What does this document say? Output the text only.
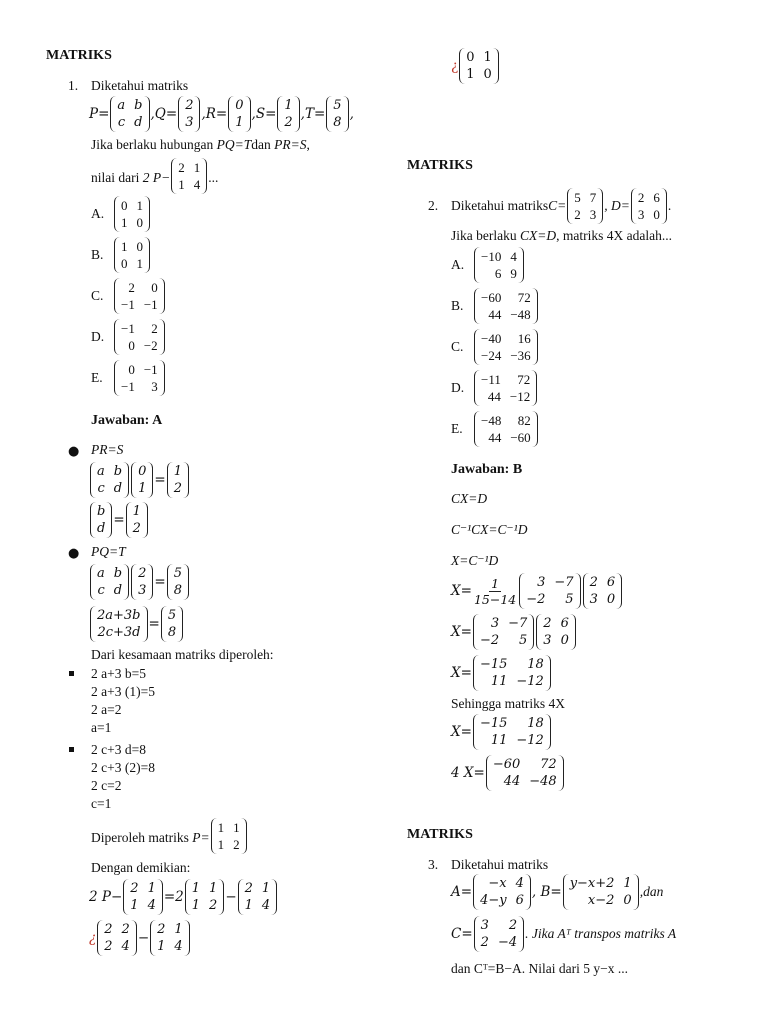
MATRIKS
1. Diketahui matriks
P=
a b
c d
, Q=
2
3
, R=
0
1
, S=
1
2
, T=
5
8
,
Jika berlaku hubungan
PQ=T dan
PR=S ,
nilai dari
2 P−
2 1
1 4 ...
A.
0 1
1 0
B.
1 0
0 1
C.
2	0
−1 −1
D.
−1	2
0 −2
E.
0 −1
−1	3
Jawaban: A
● PR=S
a b
c d
0
1
=
1
2
b
d
=
1
2
● PQ=T
a b
c d
2
3
=
5
8
2a+3b
2c+3d
=
5
8
Dari kesamaan matriks diperoleh:
2 a+3 b=5
2 a+3 (1)=5
2 a=2
a=1
2 c+3 d=8
2 c+3 (2)=8
2 c=2
c=1
Diperoleh matriks
P=
1 1
1 2
Dengan demikian:
2 P−
2 1
1 4
=2
1 1
1 2
−
2 1
1 4
¿
2 2
2 4
−
2 1
1 4
¿
0 1
1 0
MATRIKS
2. Diketahui matriks C=
5 7
2 3
, D=
2 6
3 0
.
Jika berlaku
CX=D , matriks 4X adalah...
A.
−10 4
6 9
B.
−60	72
44 −48
C.
−40	16
−24 −36
D.
−11	72
44 −12
E.
−48	82
44 −60
Jawaban: B
CX=D
C⁻¹CX=C⁻¹D
X=C⁻¹D
$X= \frac{1}{15-14}$	3 −7
−2	5
2 6
3 0
X=
3 −7
−2	5
2 6
3 0
X=
−15	18
11 −12
Sehingga matriks 4X
X=
−15	18
11 −12
4 X=
−60	72
44 −48
MATRIKS
3. Diketahui matriks
A=
−x 4
4−y 6
, B=
y−x+2 1
x−2 0
,dan
C=
3	2
2 −4
. Jika Aᵀ transpos matriks A
dan Cᵀ=B−A. Nilai dari 5 y−x ...
